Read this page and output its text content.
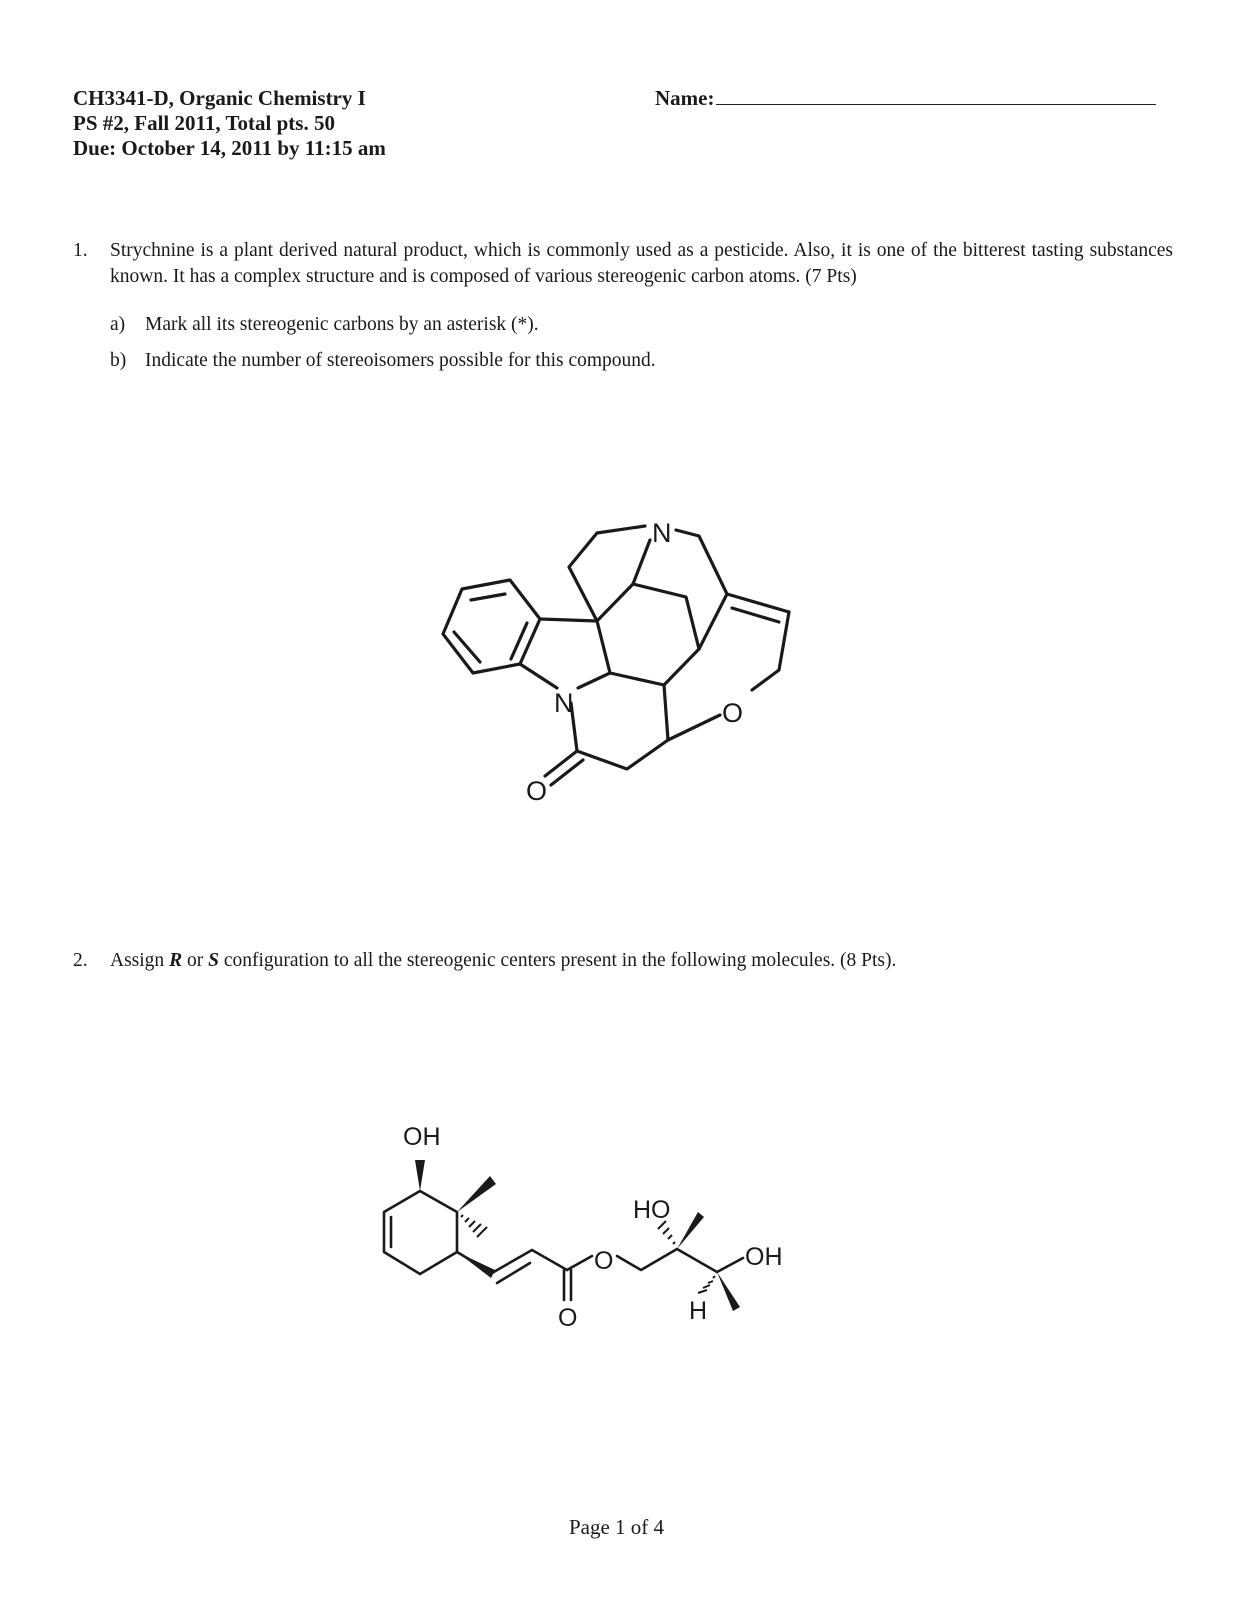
CH3341-D, Organic Chemistry I
PS #2, Fall 2011, Total pts. 50
Due: October 14, 2011 by 11:15 am
Name:
1. Strychnine is a plant derived natural product, which is commonly used as a pesticide. Also, it is one of the bitterest tasting substances known. It has a complex structure and is composed of various stereogenic carbon atoms. (7 Pts)
a) Mark all its stereogenic carbons by an asterisk (*).
b) Indicate the number of stereoisomers possible for this compound.
N
N	O
O
2. Assign R or S configuration to all the stereogenic centers present in the following molecules. (8 Pts).
OH
O
O
HO
OH
H
Page 1 of 4
